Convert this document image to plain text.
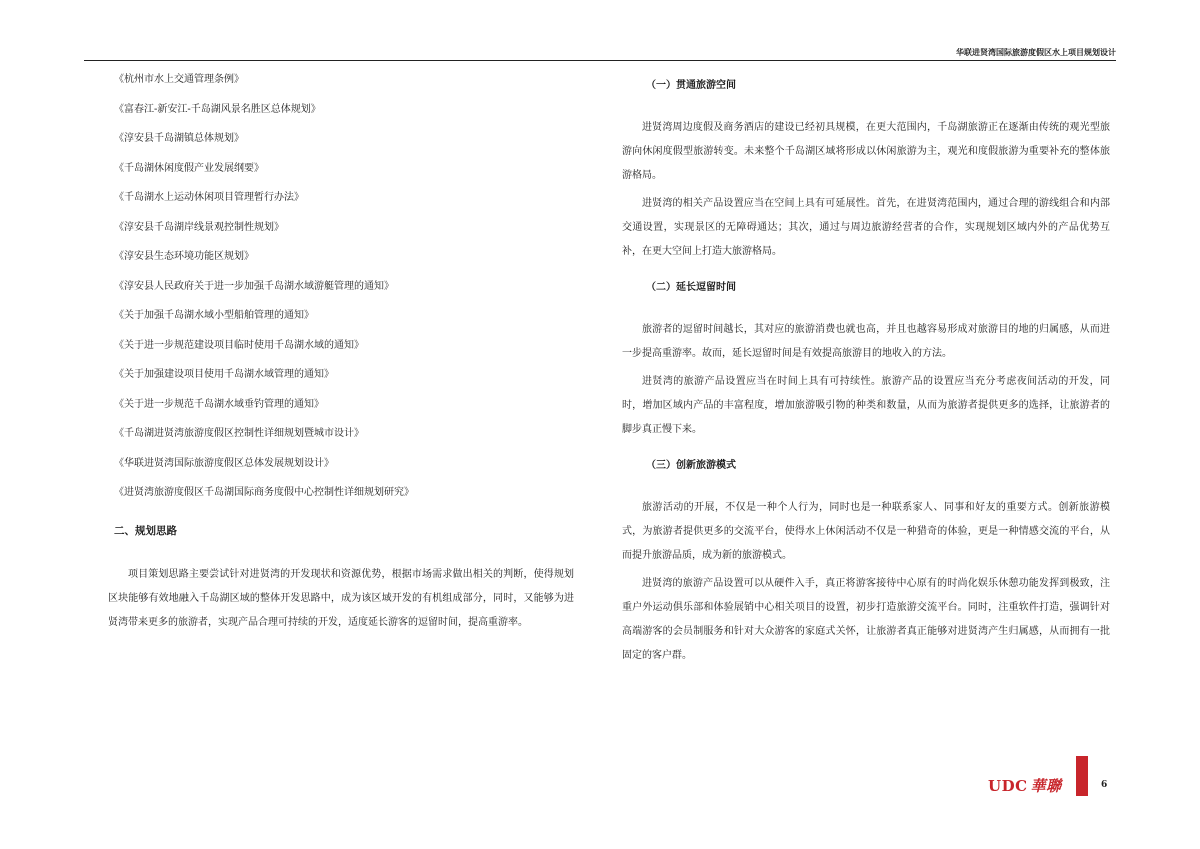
华联进贤湾国际旅游度假区水上项目规划设计
《杭州市水上交通管理条例》
《富春江-新安江-千岛湖风景名胜区总体规划》
《淳安县千岛湖镇总体规划》
《千岛湖休闲度假产业发展纲要》
《千岛湖水上运动休闲项目管理暂行办法》
《淳安县千岛湖岸线景观控制性规划》
《淳安县生态环境功能区规划》
《淳安县人民政府关于进一步加强千岛湖水域游艇管理的通知》
《关于加强千岛湖水域小型船舶管理的通知》
《关于进一步规范建设项目临时使用千岛湖水域的通知》
《关于加强建设项目使用千岛湖水域管理的通知》
《关于进一步规范千岛湖水域垂钓管理的通知》
《千岛湖进贤湾旅游度假区控制性详细规划暨城市设计》
《华联进贤湾国际旅游度假区总体发展规划设计》
《进贤湾旅游度假区千岛湖国际商务度假中心控制性详细规划研究》
二、规划思路

项目策划思路主要尝试针对进贤湾的开发现状和资源优势，根据市场需求做出相关的判断，使得规划区块能够有效地融入千岛湖区域的整体开发思路中，成为该区域开发的有机组成部分，同时，又能够为进贤湾带来更多的旅游者，实现产品合理可持续的开发，适度延长游客的逗留时间，提高重游率。

（一）贯通旅游空间

进贤湾周边度假及商务酒店的建设已经初具规模，在更大范围内，千岛湖旅游正在逐渐由传统的观光型旅游向休闲度假型旅游转变。未来整个千岛湖区域将形成以休闲旅游为主，观光和度假旅游为重要补充的整体旅游格局。

进贤湾的相关产品设置应当在空间上具有可延展性。首先，在进贤湾范围内，通过合理的游线组合和内部交通设置，实现景区的无障碍通达；其次，通过与周边旅游经营者的合作，实现规划区域内外的产品优势互补，在更大空间上打造大旅游格局。

（二）延长逗留时间

旅游者的逗留时间越长，其对应的旅游消费也就也高，并且也越容易形成对旅游目的地的归属感，从而进一步提高重游率。故而，延长逗留时间是有效提高旅游目的地收入的方法。

进贤湾的旅游产品设置应当在时间上具有可持续性。旅游产品的设置应当充分考虑夜间活动的开发，同时，增加区域内产品的丰富程度，增加旅游吸引物的种类和数量，从而为旅游者提供更多的选择，让旅游者的脚步真正慢下来。

（三）创新旅游模式

旅游活动的开展，不仅是一种个人行为，同时也是一种联系家人、同事和好友的重要方式。创新旅游模式，为旅游者提供更多的交流平台，使得水上休闲活动不仅是一种猎奇的体验，更是一种情感交流的平台，从而提升旅游品质，成为新的旅游模式。

进贤湾的旅游产品设置可以从硬件入手，真正将游客接待中心原有的时尚化娱乐休憩功能发挥到极致，注重户外运动俱乐部和体验展销中心相关项目的设置，初步打造旅游交流平台。同时，注重软件打造，强调针对高端游客的会员制服务和针对大众游客的家庭式关怀，让旅游者真正能够对进贤湾产生归属感，从而拥有一批固定的客户群。

UDC 華聯	6
